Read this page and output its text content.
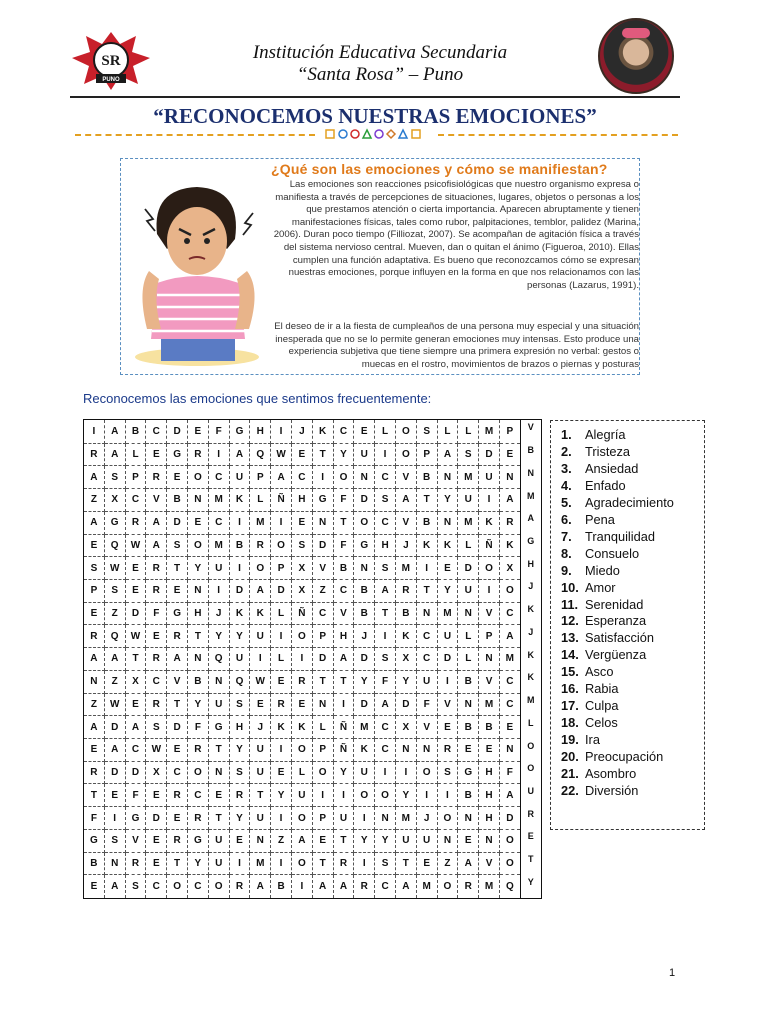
SR
PUNO
Institución Educativa Secundaria
“Santa Rosa” – Puno
“RECONOCEMOS NUESTRAS EMOCIONES”
¿Qué son las emociones y cómo se manifiestan?
Las emociones son reacciones psicofisiológicas que nuestro organismo expresa o manifiesta a través de percepciones de situaciones, lugares, objetos o personas a los que prestamos atención o cierta importancia. Aparecen abruptamente y tienen manifestaciones físicas, tales como rubor, palpitaciones, temblor, palidez (Marina, 2006). Duran poco tiempo (Filliozat, 2007). Se acompañan de agitación física a través del sistema nervioso central. Mueven, dan o quitan el ánimo (Figueroa, 2010). Ellas cumplen una función adaptativa. Es bueno que reconozcamos cómo se expresan nuestras emociones, porque influyen en la forma en que nos relacionamos con las personas (Lazarus, 1991).
El deseo de ir a la fiesta de cumpleaños de una persona muy especial y una situación inesperada que no se lo permite generan emociones muy intensas. Esto produce una experiencia subjetiva que tiene siempre una primera expresión no verbal: gestos o muecas en el rostro, movimientos de brazos o piernas y posturas
Reconocemos las emociones que sentimos frecuentemente:
I	A	B	C	D	E	F	G	H	I	J	K	C	E	L	O	S	L	L	M	P	V
R	A	L	E	G	R	I	A	Q	W	E	T	Y	U	I	O	P	A	S	D	E	B
A	S	P	R	E	O	C	U	P	A	C	I	O	N	C	V	B	N	M	U	N	N
Z	X	C	V	B	N	M	K	L	Ñ	H	G	F	D	S	A	T	Y	U	I	A	M
A	G	R	A	D	E	C	I	M	I	E	N	T	O	C	V	B	N	M	K	R	A
E	Q	W	A	S	O	M	B	R	O	S	D	F	G	H	J	K	K	L	Ñ	K	G
S	W	E	R	T	Y	U	I	O	P	X	V	B	N	S	M	I	E	D	O	X	H
P	S	E	R	E	N	I	D	A	D	X	Z	C	B	A	R	T	Y	U	I	O	J
E	Z	D	F	G	H	J	K	K	L	Ñ	C	V	B	T	B	N	M	N	V	C	K
R	Q	W	E	R	T	Y	Y	U	I	O	P	H	J	I	K	C	U	L	P	A	J
A	A	T	R	A	N	Q	U	I	L	I	D	A	D	S	X	C	D	L	N	M	K
N	Z	X	C	V	B	N	Q	W	E	R	T	T	Y	F	Y	U	I	B	V	C	K
Z	W	E	R	T	Y	U	S	E	R	E	N	I	D	A	D	F	V	N	M	C	M
A	D	A	S	D	F	G	H	J	K	K	L	Ñ	M	C	X	V	E	B	B	E	L
E	A	C	W	E	R	T	Y	U	I	O	P	Ñ	K	C	N	N	R	E	E	N	O
R	D	D	X	C	O	N	S	U	E	L	O	Y	U	I	I	O	S	G	H	F	O
T	E	F	E	R	C	E	R	T	Y	U	I	I	O	O	Y	I	I	B	H	A	U
F	I	G	D	E	R	T	Y	U	I	O	P	U	I	N	M	J	O	N	H	D	R
G	S	V	E	R	G	U	E	N	Z	A	E	T	Y	Y	U	U	N	E	N	O	E
B	N	R	E	T	Y	U	I	M	I	O	T	R	I	S	T	E	Z	A	V	O	T
E	A	S	C	O	C	O	R	A	B	I	A	A	R	C	A	M	O	R	M	Q	Y
1. Alegría
2. Tristeza
3. Ansiedad
4. Enfado
5. Agradecimiento
6. Pena
7. Tranquilidad
8. Consuelo
9. Miedo
10. Amor
11. Serenidad
12. Esperanza
13. Satisfacción
14. Vergüenza
15. Asco
16. Rabia
17. Culpa
18. Celos
19. Ira
20. Preocupación
21. Asombro
22. Diversión
1
